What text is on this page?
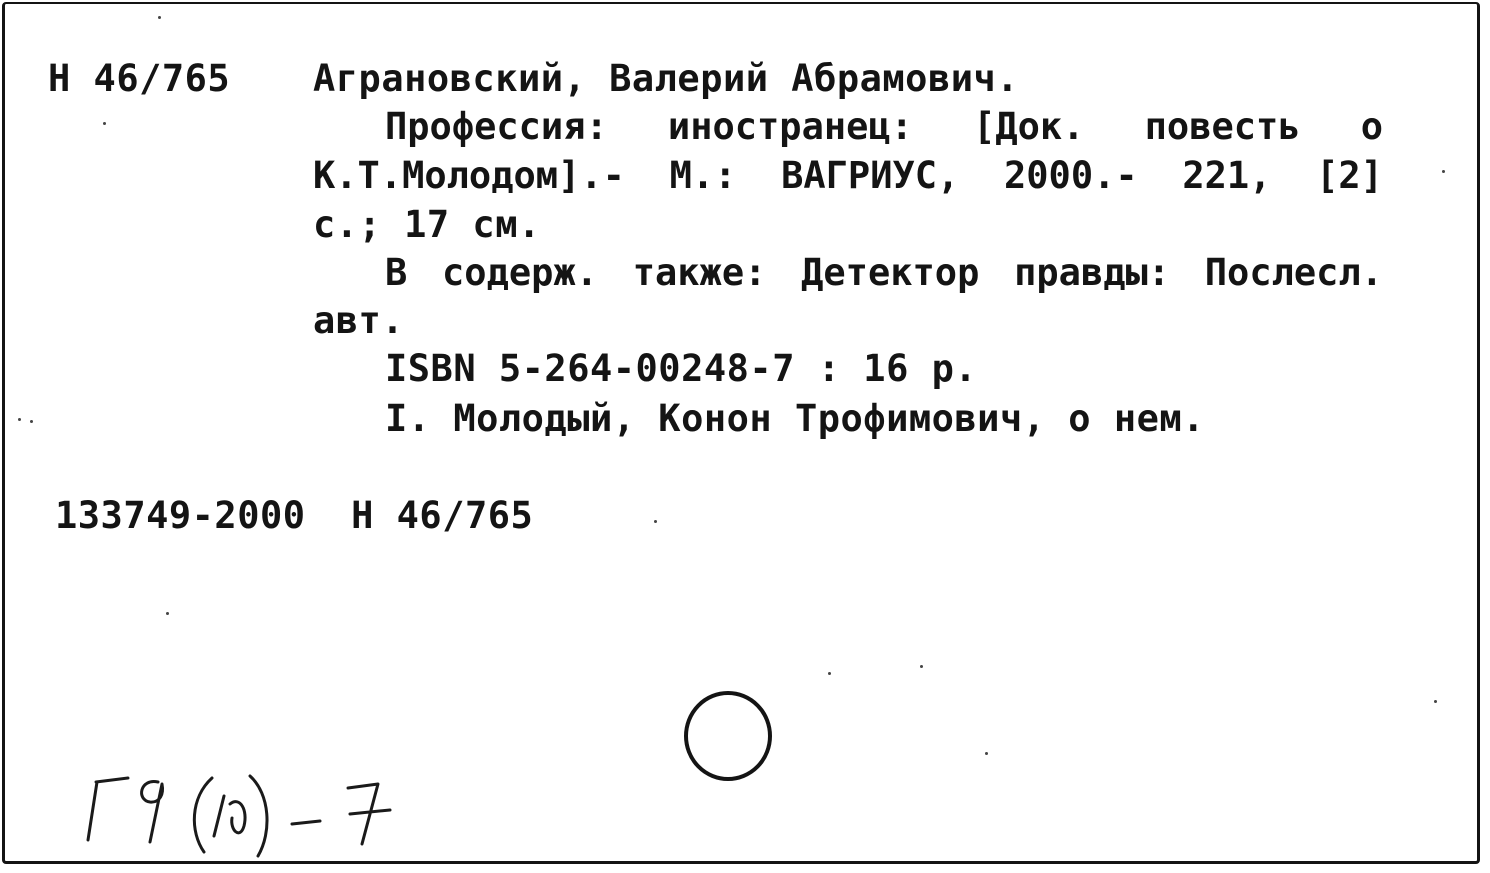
Н 46/765 Аграновский, Валерий Абрамович.
Профессия: иностранец: [Док. повесть о
К.Т.Молодом].- М.: ВАГРИУС, 2000.- 221, [2]
с.; 17 см.
В содерж. также: Детектор правды: Послесл.
авт.
ISBN 5-264-00248-7 : 16 р.
I. Молодый, Конон Трофимович, о нем.
133749-2000  Н 46/765
